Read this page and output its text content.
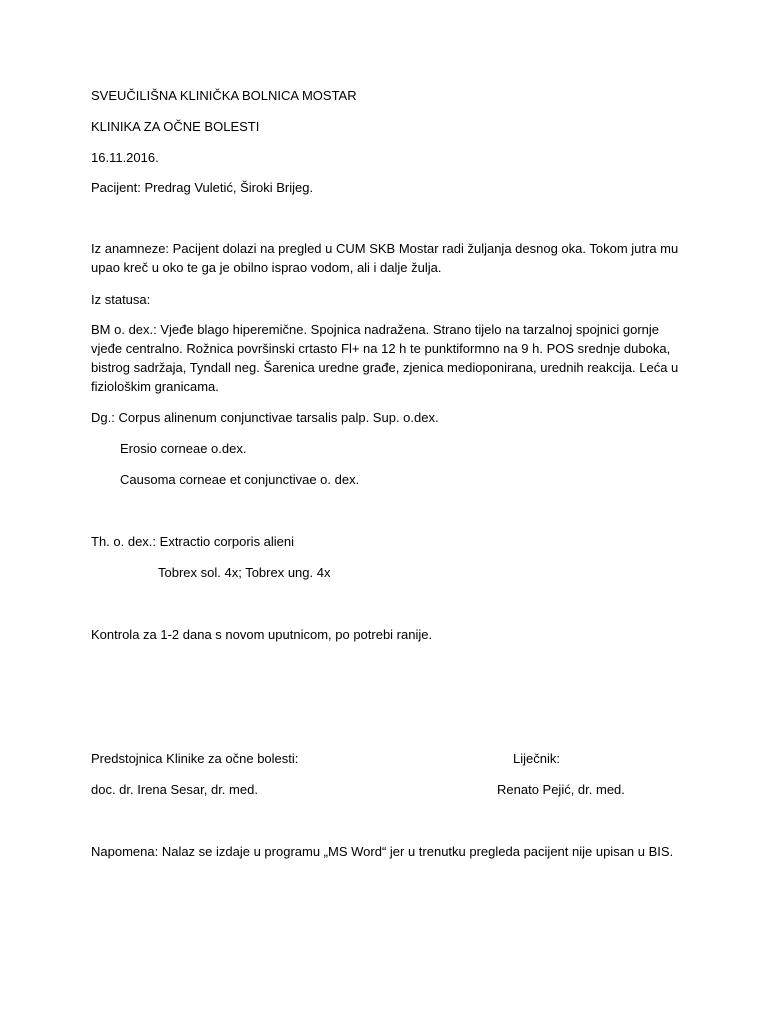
SVEUČILIŠNA KLINIČKA BOLNICA MOSTAR

KLINIKA ZA OČNE BOLESTI

16.11.2016.

Pacijent: Predrag Vuletić, Široki Brijeg.

Iz anamneze: Pacijent dolazi na pregled u CUM SKB Mostar radi žuljanja desnog oka. Tokom jutra mu upao kreč u oko te ga je obilno isprao vodom, ali i dalje žulja.

Iz statusa:

BM o. dex.: Vjeđe blago hiperemične. Spojnica nadražena. Strano tijelo na tarzalnoj spojnici gornje vjeđe centralno. Rožnica površinski crtasto Fl+ na 12 h te punktiformno na 9 h. POS srednje duboka, bistrog sadržaja, Tyndall neg. Šarenica uredne građe, zjenica medioponirana, urednih reakcija. Leća u fiziološkim granicama.

Dg.: Corpus alinenum conjunctivae tarsalis palp. Sup. o.dex.

Erosio corneae o.dex.

Causoma corneae et conjunctivae o. dex.

Th. o. dex.: Extractio corporis alieni

Tobrex sol. 4x; Tobrex ung. 4x

Kontrola za 1-2 dana s novom uputnicom, po potrebi ranije.

Predstojnica Klinike za očne bolesti:	Liječnik:

doc. dr. Irena Sesar, dr. med.	Renato Pejić, dr. med.

Napomena: Nalaz se izdaje u programu „MS Word“ jer u trenutku pregleda pacijent nije upisan u BIS.
